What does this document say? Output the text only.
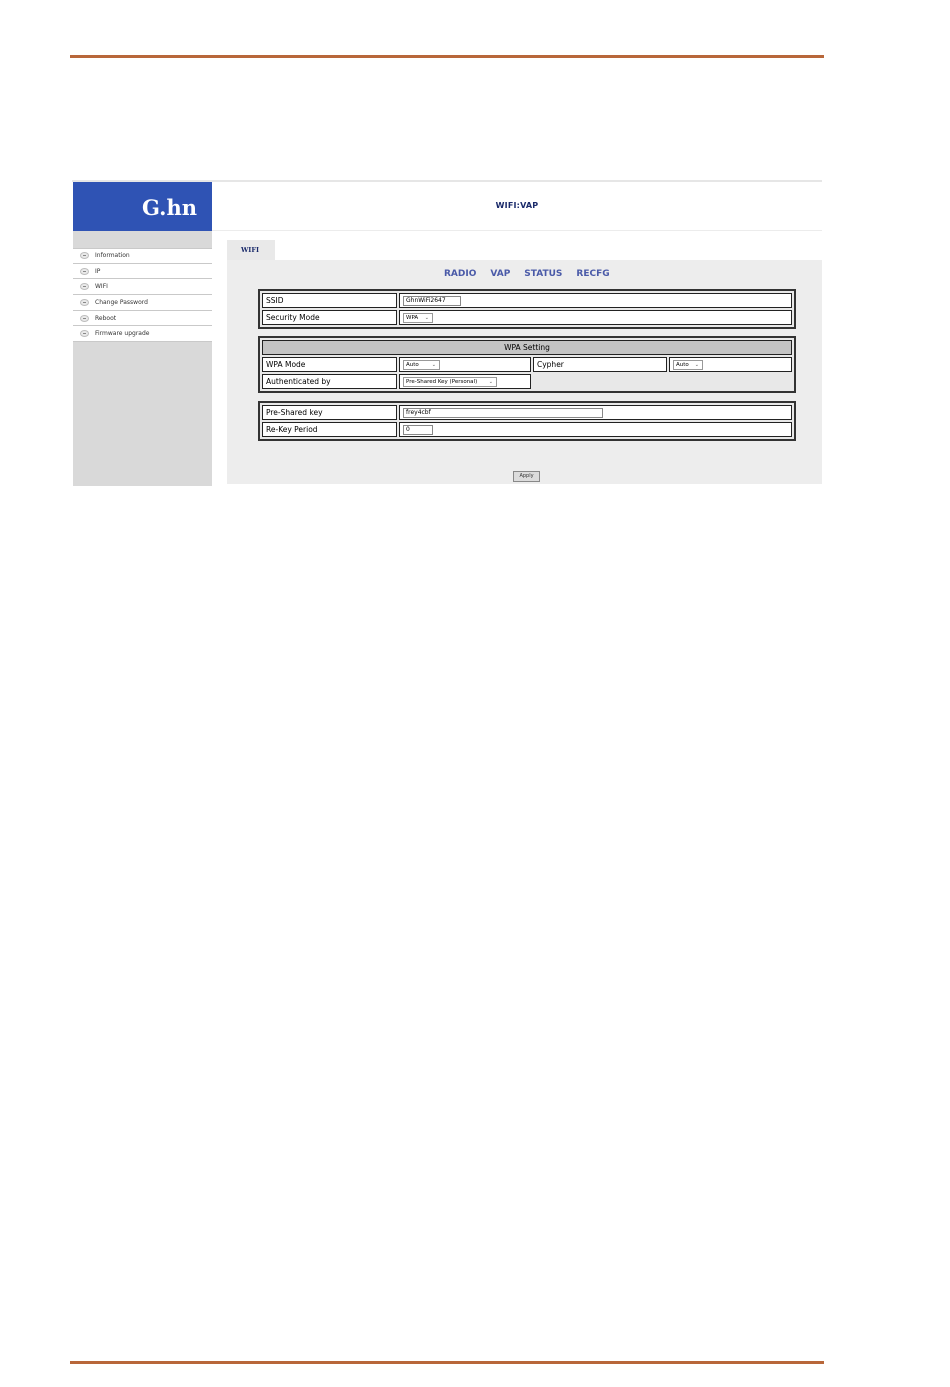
G.hn	WIFI:VAP
Information
IP
WIFI
Change Password
Reboot
Firmware upgrade
WIFI
RADIO VAP STATUS RECFG
SSID	GhnWiFi2647
Security Mode	WPA ⌄
WPA Setting			
WPA Mode	Auto ⌄	Cypher	Auto ⌄

Authenticated by	Pre-Shared Key (Personal) ⌄		

Pre-Shared key	frey4cbf
Re-Key Period	0
Apply
